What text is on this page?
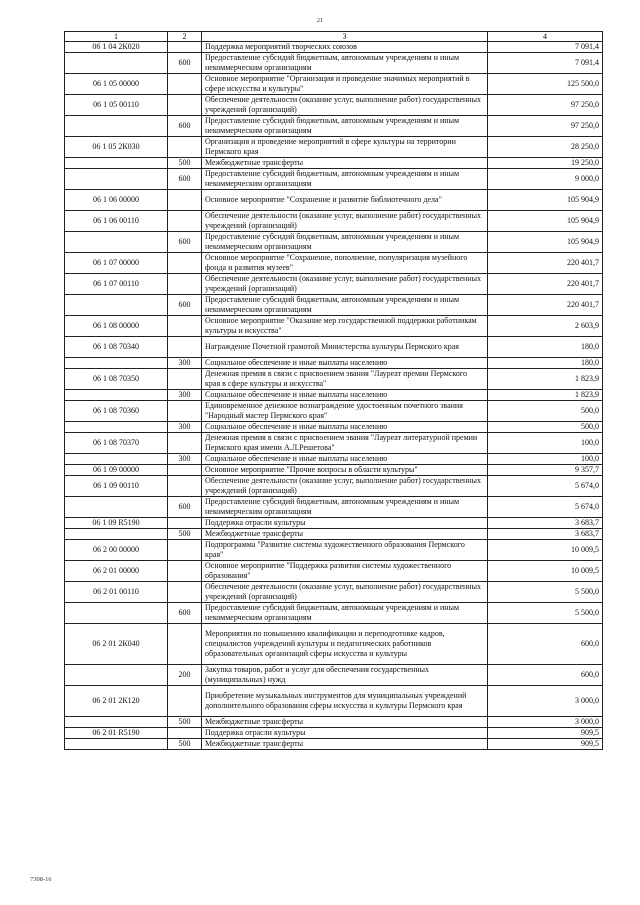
21
1	2	3	4
06 1 04 2К020		Поддержка мероприятий творческих союзов	7 091,4
	600	Предоставление субсидий бюджетным, автономным учреждениям и иным некоммерческим организациям	7 091,4
06 1 05 00000		Основное мероприятие "Организация и проведение значимых мероприятий в сфере искусства и культуры"	125 500,0
06 1 05 00110		Обеспечение деятельности (оказание услуг, выполнение работ) государственных учреждений (организаций)	97 250,0
	600	Предоставление субсидий бюджетным, автономным учреждениям и иным некоммерческим организациям	97 250,0
06 1 05 2К030		Организация и проведение мероприятий в сфере культуры на территории Пермского края	28 250,0
	500	Межбюджетные трансферты	19 250,0
	600	Предоставление субсидий бюджетным, автономным учреждениям и иным некоммерческим организациям	9 000,0
06 1 06 00000		Основное мероприятие "Сохранение и развитие библиотечного дела"	105 904,9
06 1 06 00110		Обеспечение деятельности (оказание услуг, выполнение работ) государственных учреждений (организаций)	105 904,9
	600	Предоставление субсидий бюджетным, автономным учреждениям и иным некоммерческим организациям	105 904,9
06 1 07 00000		Основное мероприятие "Сохранение, пополнение, популяризация музейного фонда и развития музеев"	220 401,7
06 1 07 00110		Обеспечение деятельности (оказание услуг, выполнение работ) государственных учреждений (организаций)	220 401,7
	600	Предоставление субсидий бюджетным, автономным учреждениям и иным некоммерческим организациям	220 401,7
06 1 08 00000		Основное мероприятие "Оказание мер государственной поддержки работникам культуры и искусства"	2 603,9
06 1 08 70340		Награждение Почетной грамотой Министерства культуры Пермского края	180,0
	300	Социальное обеспечение и иные выплаты населению	180,0
06 1 08 70350		Денежная премия в связи с присвоением звания "Лауреат премии Пермского края в сфере культуры и искусства"	1 823,9
	300	Социальное обеспечение и иные выплаты населению	1 823,9
06 1 08 70360		Единовременное денежное вознаграждение удостоенным почетного звания "Народный мастер Пермского края"	500,0
	300	Социальное обеспечение и иные выплаты населению	500,0
06 1 08 70370		Денежная премия в связи с присвоением звания "Лауреат литературной премии Пермского края имени А.Л.Решетова"	100,0
	300	Социальное обеспечение и иные выплаты населению	100,0
06 1 09 00000		Основное мероприятие "Прочие вопросы в области культуры"	9 357,7
06 1 09 00110		Обеспечение деятельности (оказание услуг, выполнение работ) государственных учреждений (организаций)	5 674,0
	600	Предоставление субсидий бюджетным, автономным учреждениям и иным некоммерческим организациям	5 674,0
06 1 09 R5190		Поддержка отрасли культуры	3 683,7
	500	Межбюджетные трансферты	3 683,7
06 2 00 00000		Подпрограмма "Развитие системы художественного образования Пермского края"	10 009,5
06 2 01 00000		Основное мероприятие "Поддержка развития системы художественного образования"	10 009,5
06 2 01 00110		Обеспечение деятельности (оказание услуг, выполнение работ) государственных учреждений (организаций)	5 500,0
	600	Предоставление субсидий бюджетным, автономным учреждениям и иным некоммерческим организациям	5 500,0
06 2 01 2К040		Мероприятия по повышению квалификации и переподготовке кадров, специалистов учреждений культуры и педагогических работников образовательных организаций сферы искусства и культуры	600,0
	200	Закупка товаров, работ и услуг для обеспечения государственных (муниципальных) нужд	600,0
06 2 01 2К120		Приобретение музыкальных инструментов для муниципальных учреждений дополнительного образования сферы искусства и культуры Пермского края	3 000,0
	500	Межбюджетные трансферты	3 000,0
06 2 01 R5190		Поддержка отрасли культуры	909,5
	500	Межбюджетные трансферты	909,5
7308-16
